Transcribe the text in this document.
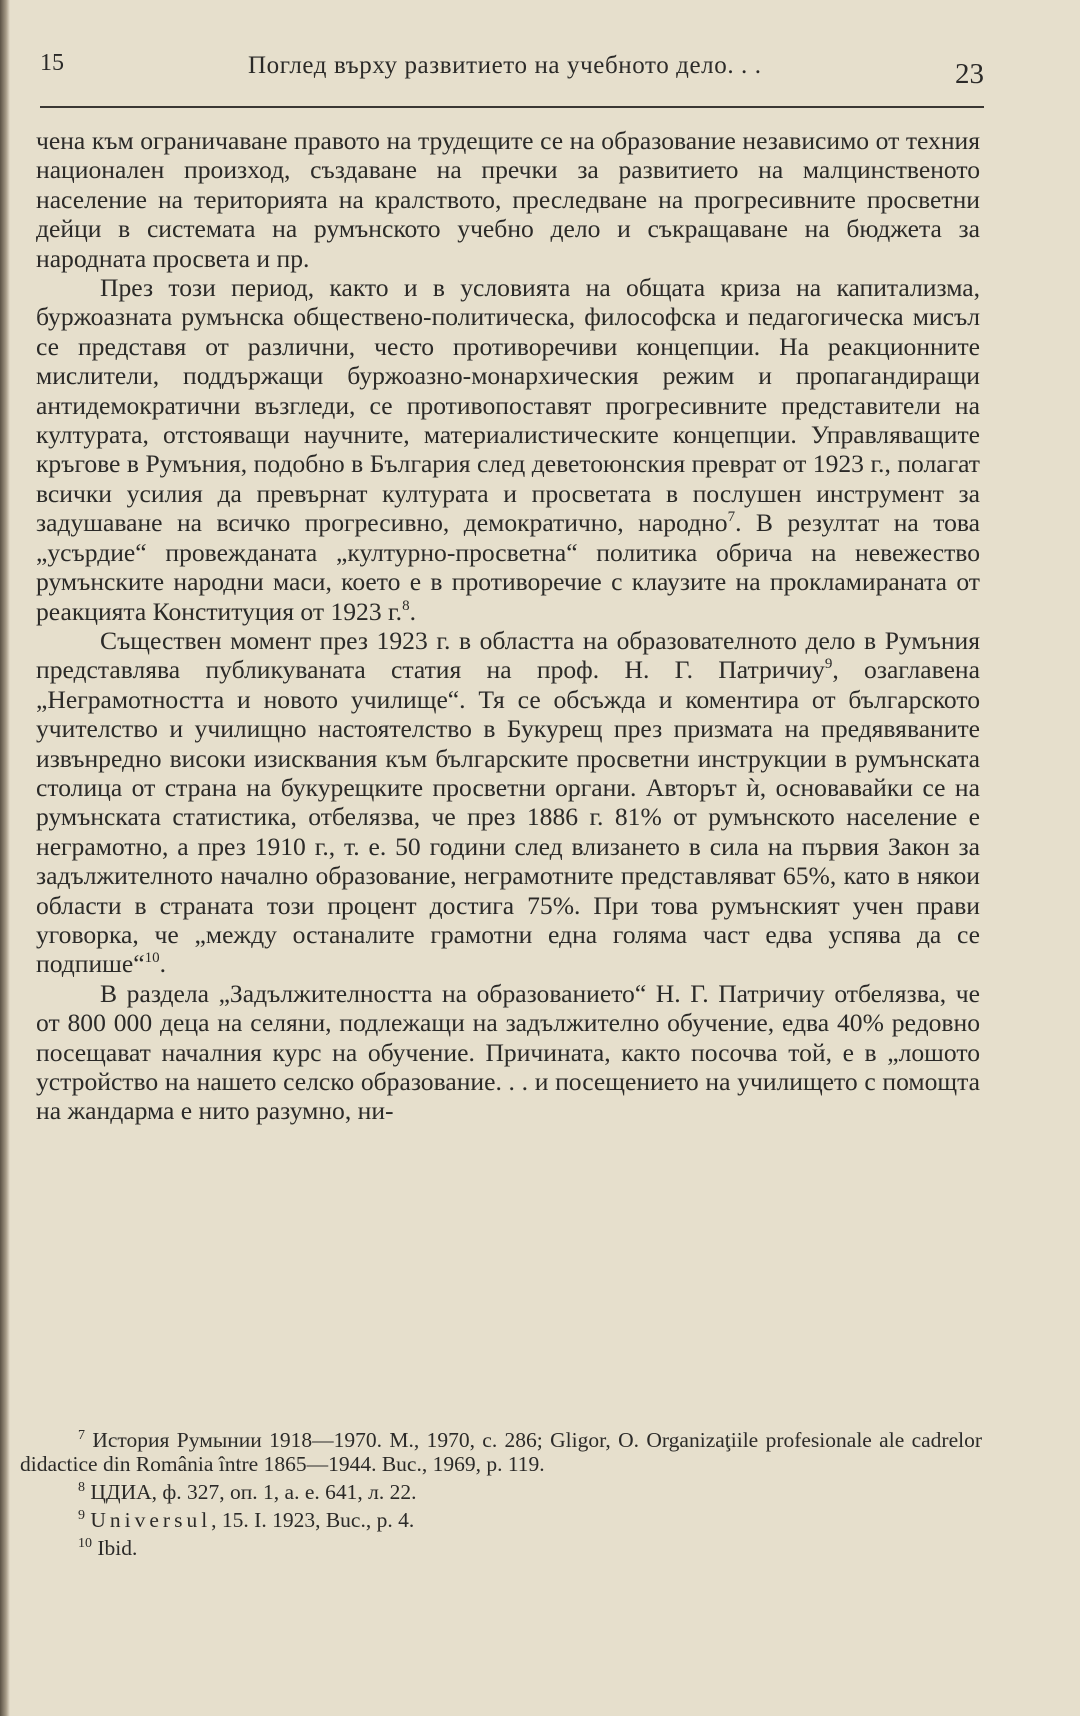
15	Поглед върху развитието на учебното дело. . .	23

чена към ограничаване правото на трудещите се на образование независимо от техния национален произход, създаване на пречки за развитието на малцинственото население на територията на кралството, преследване на прогресивните просветни дейци в системата на румънското учебно дело и съкращаване на бюджета за народната просвета и пр.

През този период, както и в условията на общата криза на капитализма, буржоазната румънска обществено-политическа, философска и педагогическа мисъл се представя от различни, често противоречиви концепции. На реакционните мислители, поддържащи буржоазно-монархическия режим и пропагандиращи антидемократични възгледи, се противопоставят прогресивните представители на културата, отстояващи научните, материалистическите концепции. Управляващите кръгове в Румъния, подобно в България след деветоюнския преврат от 1923 г., полагат всички усилия да превърнат културата и просветата в послушен инструмент за задушаване на всичко прогресивно, демократично, народно$^7$. В резултат на това „усърдие“ провежданата „културно-просветна“ политика обрича на невежество румънските народни маси, което е в противоречие с клаузите на прокламираната от реакцията Конституция от 1923 г.$^8$.

Съществен момент през 1923 г. в областта на образователното дело в Румъния представлява публикуваната статия на проф. Н. Г. Патричиу$^9$, озаглавена „Неграмотността и новото училище“. Тя се обсъжда и коментира от българското учителство и училищно настоятелство в Букурещ през призмата на предявяваните извънредно високи изисквания към българските просветни инструкции в румънската столица от страна на букурещките просветни органи. Авторът ѝ, основавайки се на румънската статистика, отбелязва, че през 1886 г. 81% от румънското население е неграмотно, а през 1910 г., т. е. 50 години след влизането в сила на първия Закон за задължителното начално образование, неграмотните представляват 65%, като в някои области в страната този процент достига 75%. При това румънският учен прави уговорка, че „между останалите грамотни една голяма част едва успява да се подпише“$^{10}$.

В раздела „Задължителността на образованието“ Н. Г. Патричиу отбелязва, че от 800 000 деца на селяни, подлежащи на задължително обучение, едва 40% редовно посещават началния курс на обучение. Причината, както посочва той, е в „лошото устройство на нашето селско образование. . . и посещението на училището с помощта на жандарма е нито разумно, ни-

$^7$ История Румынии 1918—1970. М., 1970, с. 286; Gligor, O. Organizaţiile profesionale ale cadrelor didactice din România între 1865—1944. Buc., 1969, p. 119.

$^8$ ЦДИА, ф. 327, оп. 1, а. е. 641, л. 22.

$^9$ Universul, 15. I. 1923, Buc., p. 4.

$^{10}$ Ibid.
